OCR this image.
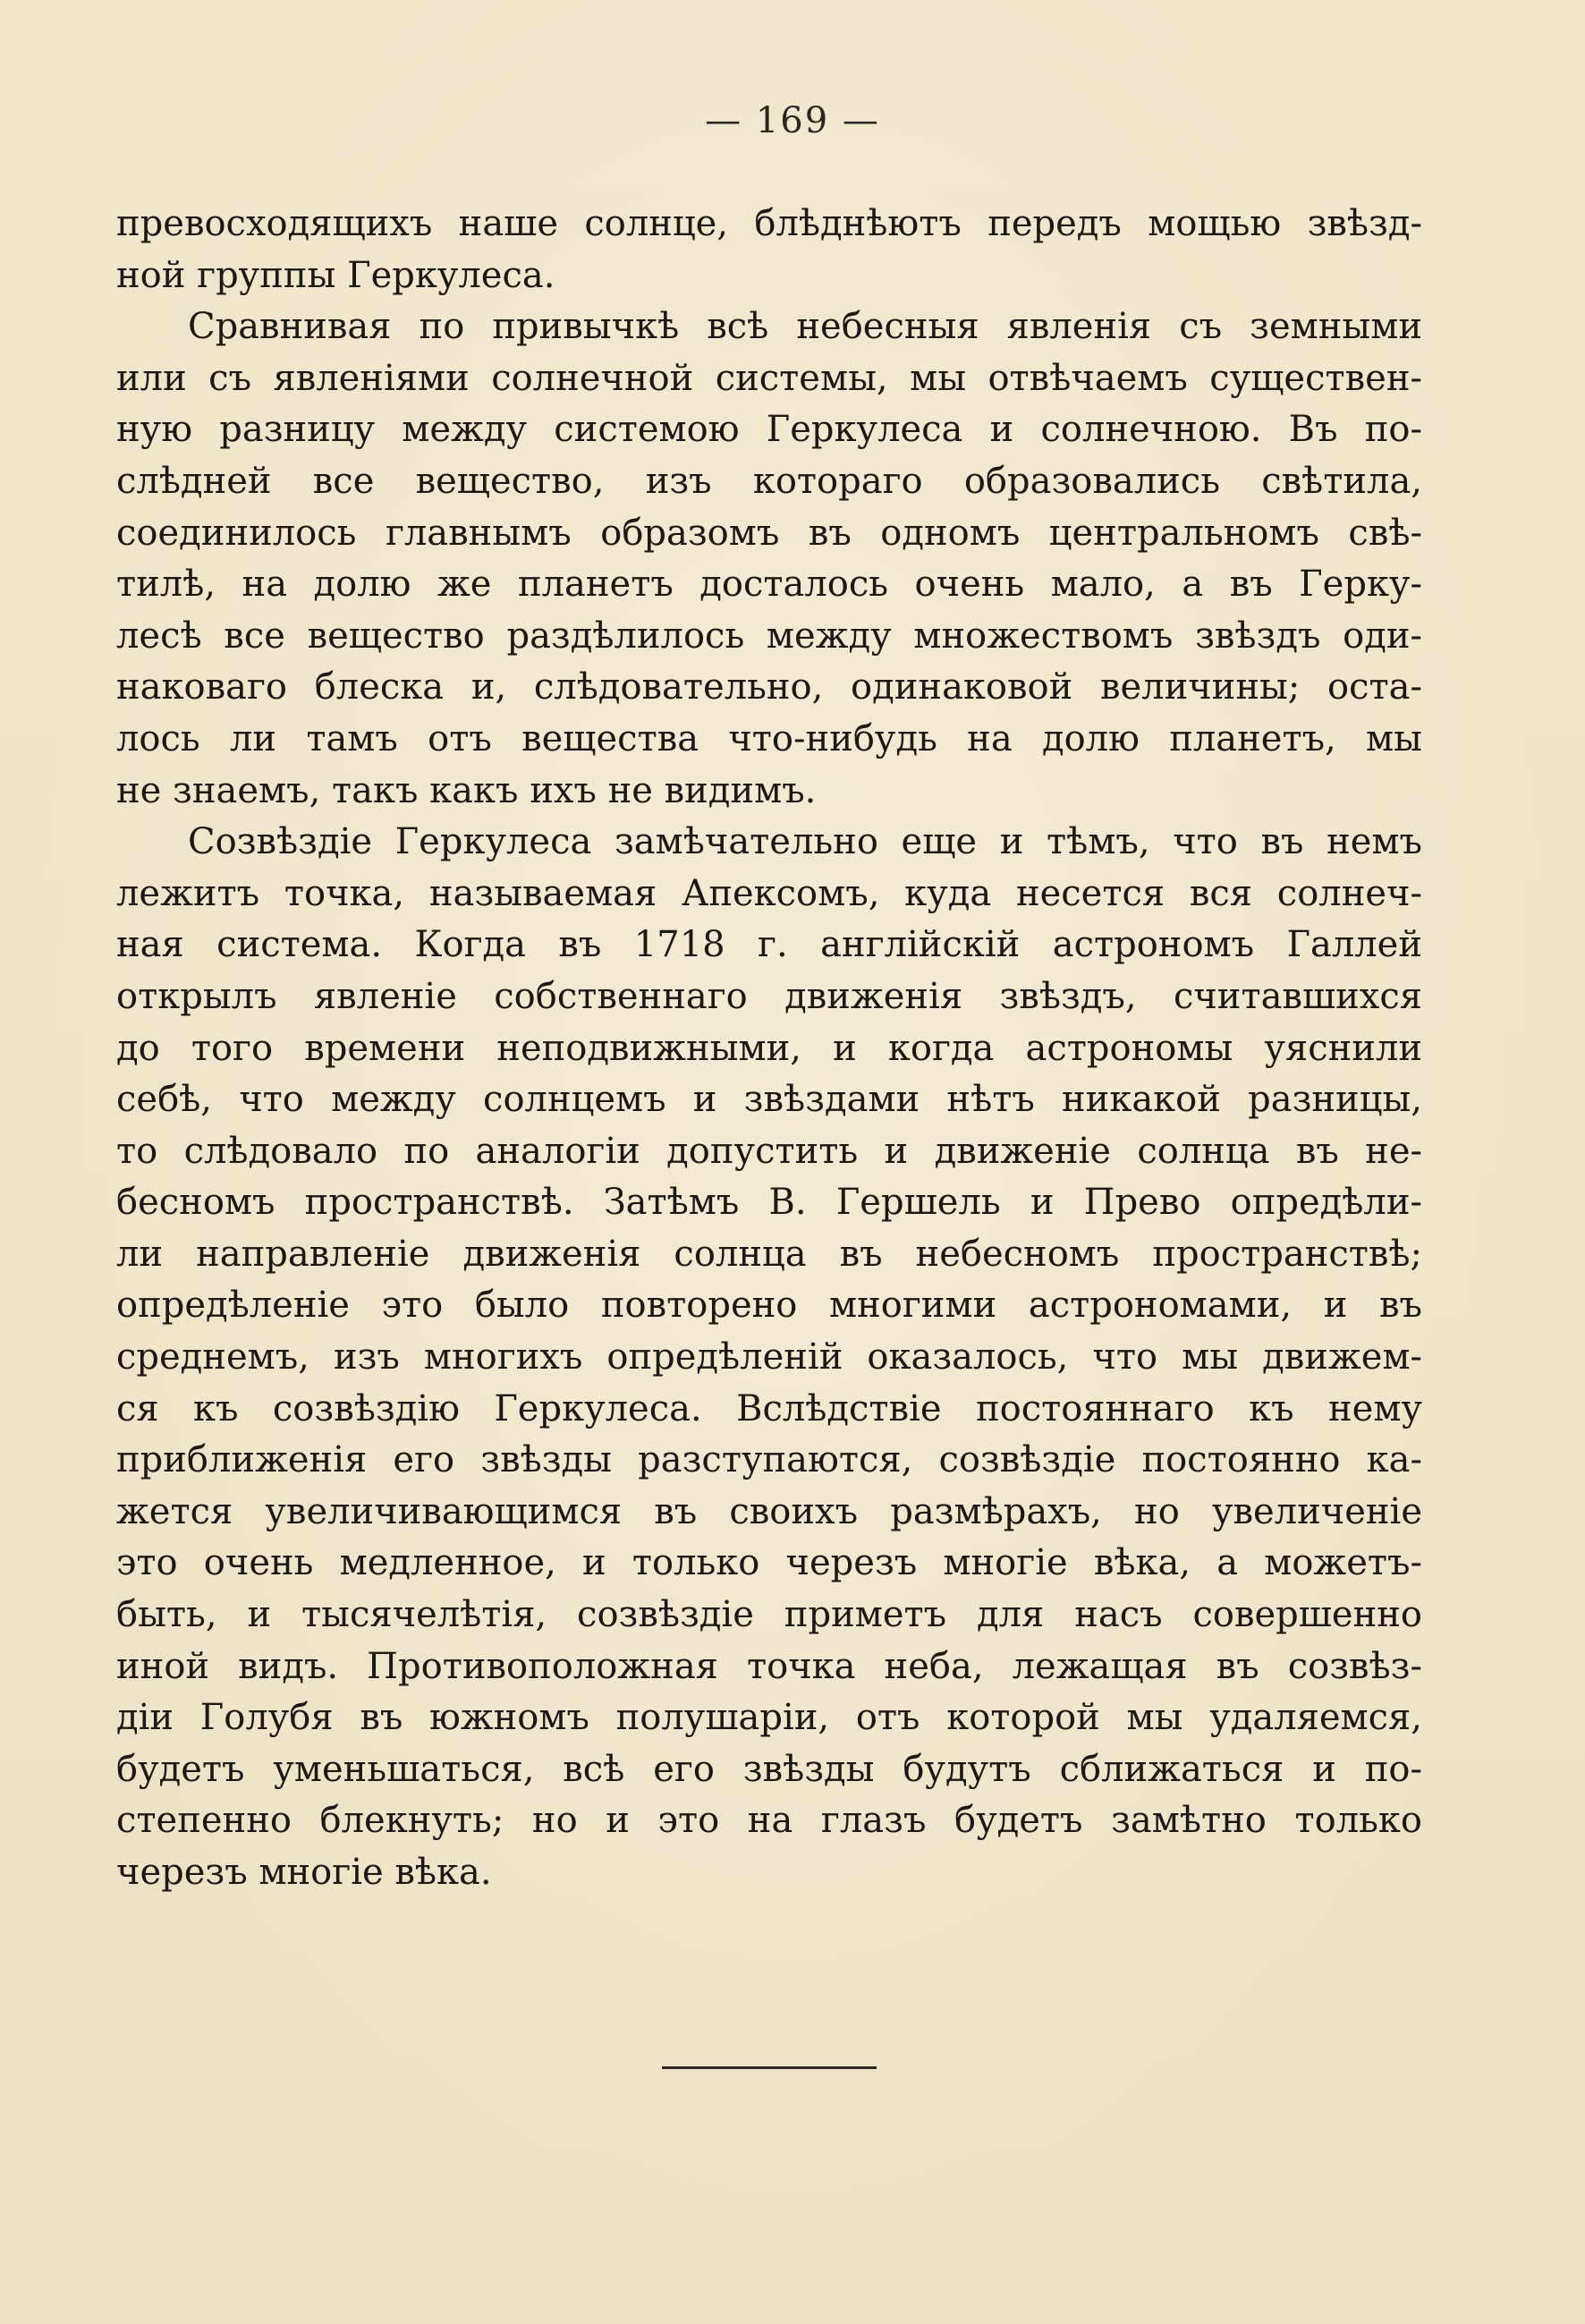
— 169 —
превосходящихъ наше солнце, блѣднѣютъ передъ мощью звѣзд-
ной группы Геркулеса.
Сравнивая по привычкѣ всѣ небесныя явленія съ земными
или съ явленіями солнечной системы, мы отвѣчаемъ существен-
ную разницу между системою Геркулеса и солнечною. Въ по-
слѣдней все вещество, изъ котораго образовались свѣтила,
соединилось главнымъ образомъ въ одномъ центральномъ свѣ-
тилѣ, на долю же планетъ досталось очень мало, а въ Герку-
лесѣ все вещество раздѣлилось между множествомъ звѣздъ оди-
наковаго блеска и, слѣдовательно, одинаковой величины; оста-
лось ли тамъ отъ вещества что-нибудь на долю планетъ, мы
не знаемъ, такъ какъ ихъ не видимъ.
Созвѣздіе Геркулеса замѣчательно еще и тѣмъ, что въ немъ
лежитъ точка, называемая Апексомъ, куда несется вся солнеч-
ная система. Когда въ 1718 г. англійскій астрономъ Галлей
открылъ явленіе собственнаго движенія звѣздъ, считавшихся
до того времени неподвижными, и когда астрономы уяснили
себѣ, что между солнцемъ и звѣздами нѣтъ никакой разницы,
то слѣдовало по аналогіи допустить и движеніе солнца въ не-
бесномъ пространствѣ. Затѣмъ В. Гершель и Прево опредѣли-
ли направленіе движенія солнца въ небесномъ пространствѣ;
опредѣленіе это было повторено многими астрономами, и въ
среднемъ, изъ многихъ опредѣленій оказалось, что мы движем-
ся къ созвѣздію Геркулеса. Вслѣдствіе постояннаго къ нему
приближенія его звѣзды разступаются, созвѣздіе постоянно ка-
жется увеличивающимся въ своихъ размѣрахъ, но увеличеніе
это очень медленное, и только черезъ многіе вѣка, а можетъ-
быть, и тысячелѣтія, созвѣздіе приметъ для насъ совершенно
иной видъ. Противоположная точка неба, лежащая въ созвѣз-
діи Голубя въ южномъ полушаріи, отъ которой мы удаляемся,
будетъ уменьшаться, всѣ его звѣзды будутъ сближаться и по-
степенно блекнуть; но и это на глазъ будетъ замѣтно только
черезъ многіе вѣка.
